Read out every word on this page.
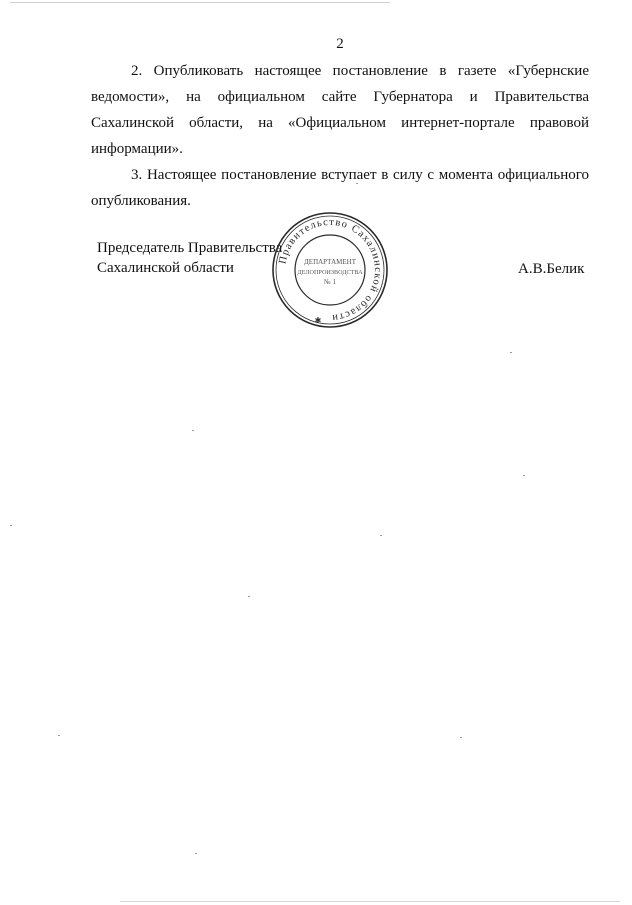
2

2. Опубликовать настоящее постановление в газете «Губернские ведомости», на официальном сайте Губернатора и Правительства Сахалинской области, на «Официальном интернет-портале правовой информации».

3. Настоящее постановление вступает в силу с момента официального опубликования.

Председатель Правительства
Сахалинской области
Правительство Сахалинской области
ДЕПАРТАМЕНТ
ДЕЛОПРОИЗВОДСТВА
№ 1
✱
А.В.Белик
